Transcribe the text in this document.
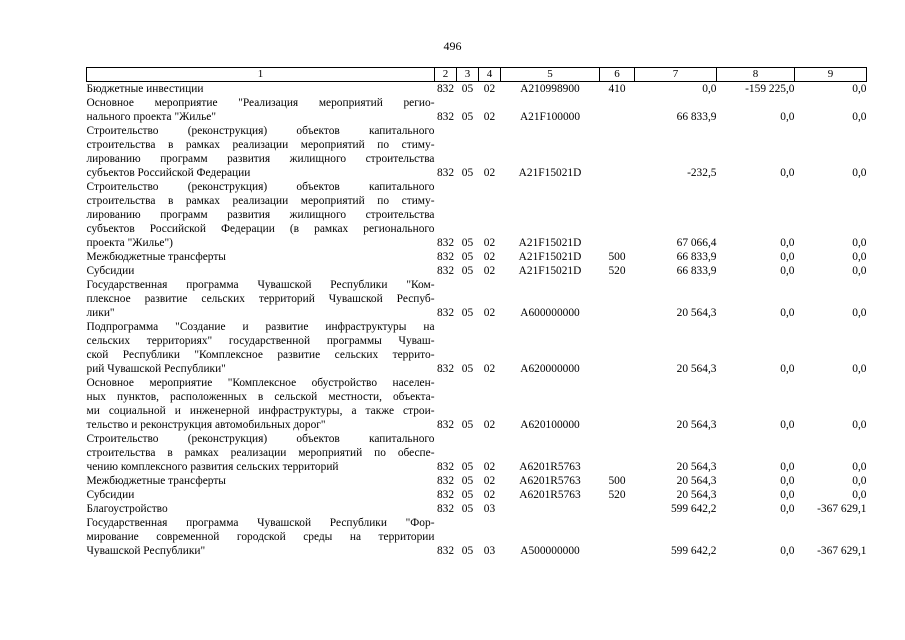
496
1	2	3	4	5	6	7	8	9

Бюджетные инвестиции	832	05	02	A210998900	410	0,0	-159 225,0	0,0

Основное мероприятие "Реализация мероприятий регио-
нального проекта "Жилье"	832	05	02	A21F100000		66 833,9	0,0	0,0

Строительство (реконструкция) объектов капитального
строительства в рамках реализации мероприятий по стиму-
лированию программ развития жилищного строительства
субъектов Российской Федерации	832	05	02	A21F15021D		-232,5	0,0	0,0

Строительство (реконструкция) объектов капитального
строительства в рамках реализации мероприятий по стиму-
лированию программ развития жилищного строительства
субъектов Российской Федерации (в рамках регионального
проекта "Жилье")	832	05	02	A21F15021D		67 066,4	0,0	0,0

Межбюджетные трансферты	832	05	02	A21F15021D	500	66 833,9	0,0	0,0

Субсидии	832	05	02	A21F15021D	520	66 833,9	0,0	0,0

Государственная программа Чувашской Республики "Ком-
плексное развитие сельских территорий Чувашской Респуб-
лики"	832	05	02	A600000000		20 564,3	0,0	0,0

Подпрограмма "Создание и развитие инфраструктуры на
сельских территориях" государственной программы Чуваш-
ской Республики "Комплексное развитие сельских террито-
рий Чувашской Республики"	832	05	02	A620000000		20 564,3	0,0	0,0

Основное мероприятие "Комплексное обустройство населен-
ных пунктов, расположенных в сельской местности, объекта-
ми социальной и инженерной инфраструктуры, а также строи-
тельство и реконструкция автомобильных дорог"	832	05	02	A620100000		20 564,3	0,0	0,0

Строительство (реконструкция) объектов капитального
строительства в рамках реализации мероприятий по обеспе-
чению комплексного развития сельских территорий	832	05	02	A6201R5763		20 564,3	0,0	0,0

Межбюджетные трансферты	832	05	02	A6201R5763	500	20 564,3	0,0	0,0

Субсидии	832	05	02	A6201R5763	520	20 564,3	0,0	0,0

Благоустройство	832	05	03			599 642,2	0,0	-367 629,1

Государственная программа Чувашской Республики "Фор-
мирование современной городской среды на территории
Чувашской Республики"	832	05	03	A500000000		599 642,2	0,0	-367 629,1
